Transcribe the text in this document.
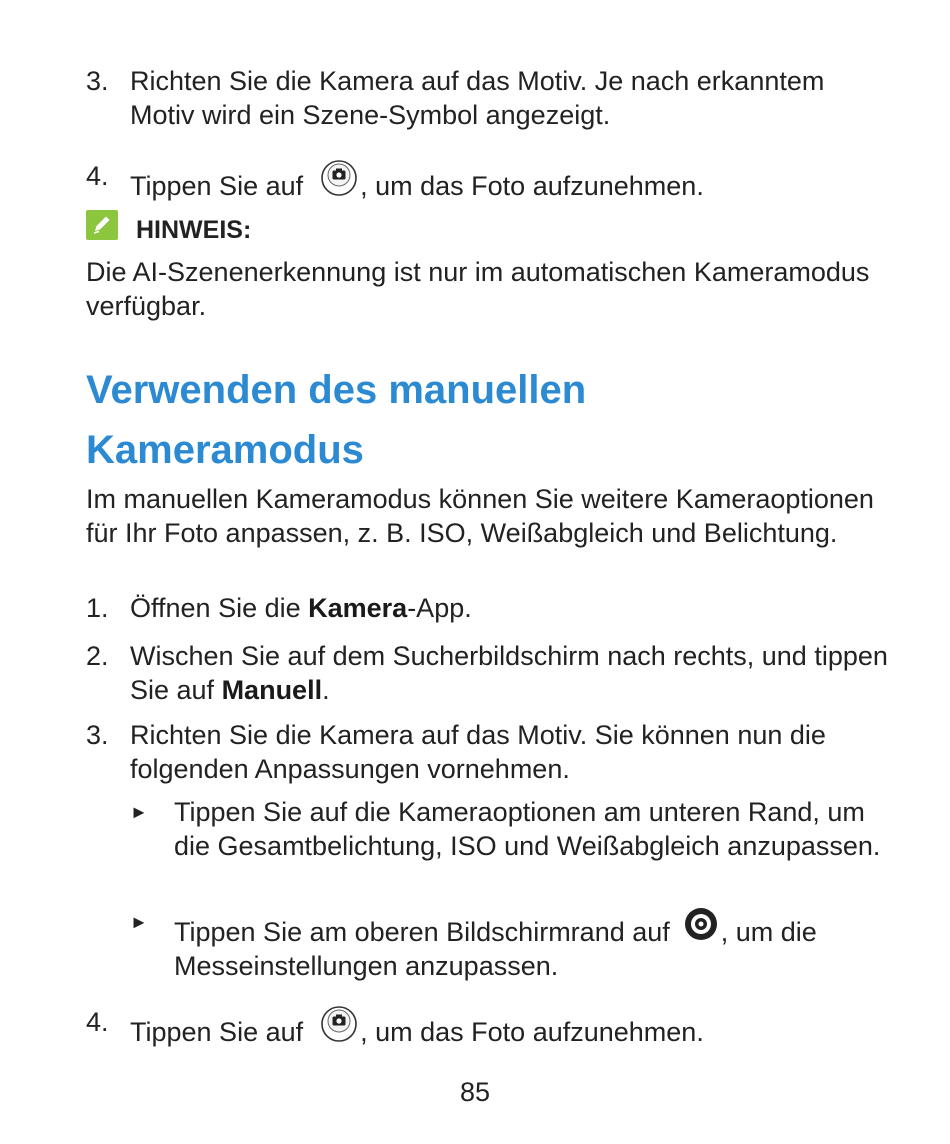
3. Richten Sie die Kamera auf das Motiv. Je nach erkanntem Motiv wird ein Szene-Symbol angezeigt.
4. Tippen Sie auf , um das Foto aufzunehmen.
HINWEIS:
Die AI-Szenenerkennung ist nur im automatischen Kameramodus verfügbar.
Verwenden des manuellen
Kameramodus
Im manuellen Kameramodus können Sie weitere Kameraoptionen für Ihr Foto anpassen, z. B. ISO, Weißabgleich und Belichtung.
1. Öffnen Sie die Kamera-App.
2. Wischen Sie auf dem Sucherbildschirm nach rechts, und tippen Sie auf Manuell.
3. Richten Sie die Kamera auf das Motiv. Sie können nun die folgenden Anpassungen vornehmen.
► Tippen Sie auf die Kameraoptionen am unteren Rand, um die Gesamtbelichtung, ISO und Weißabgleich anzupassen.
► Tippen Sie am oberen Bildschirmrand auf , um die Messeinstellungen anzupassen.
4. Tippen Sie auf , um das Foto aufzunehmen.
85
